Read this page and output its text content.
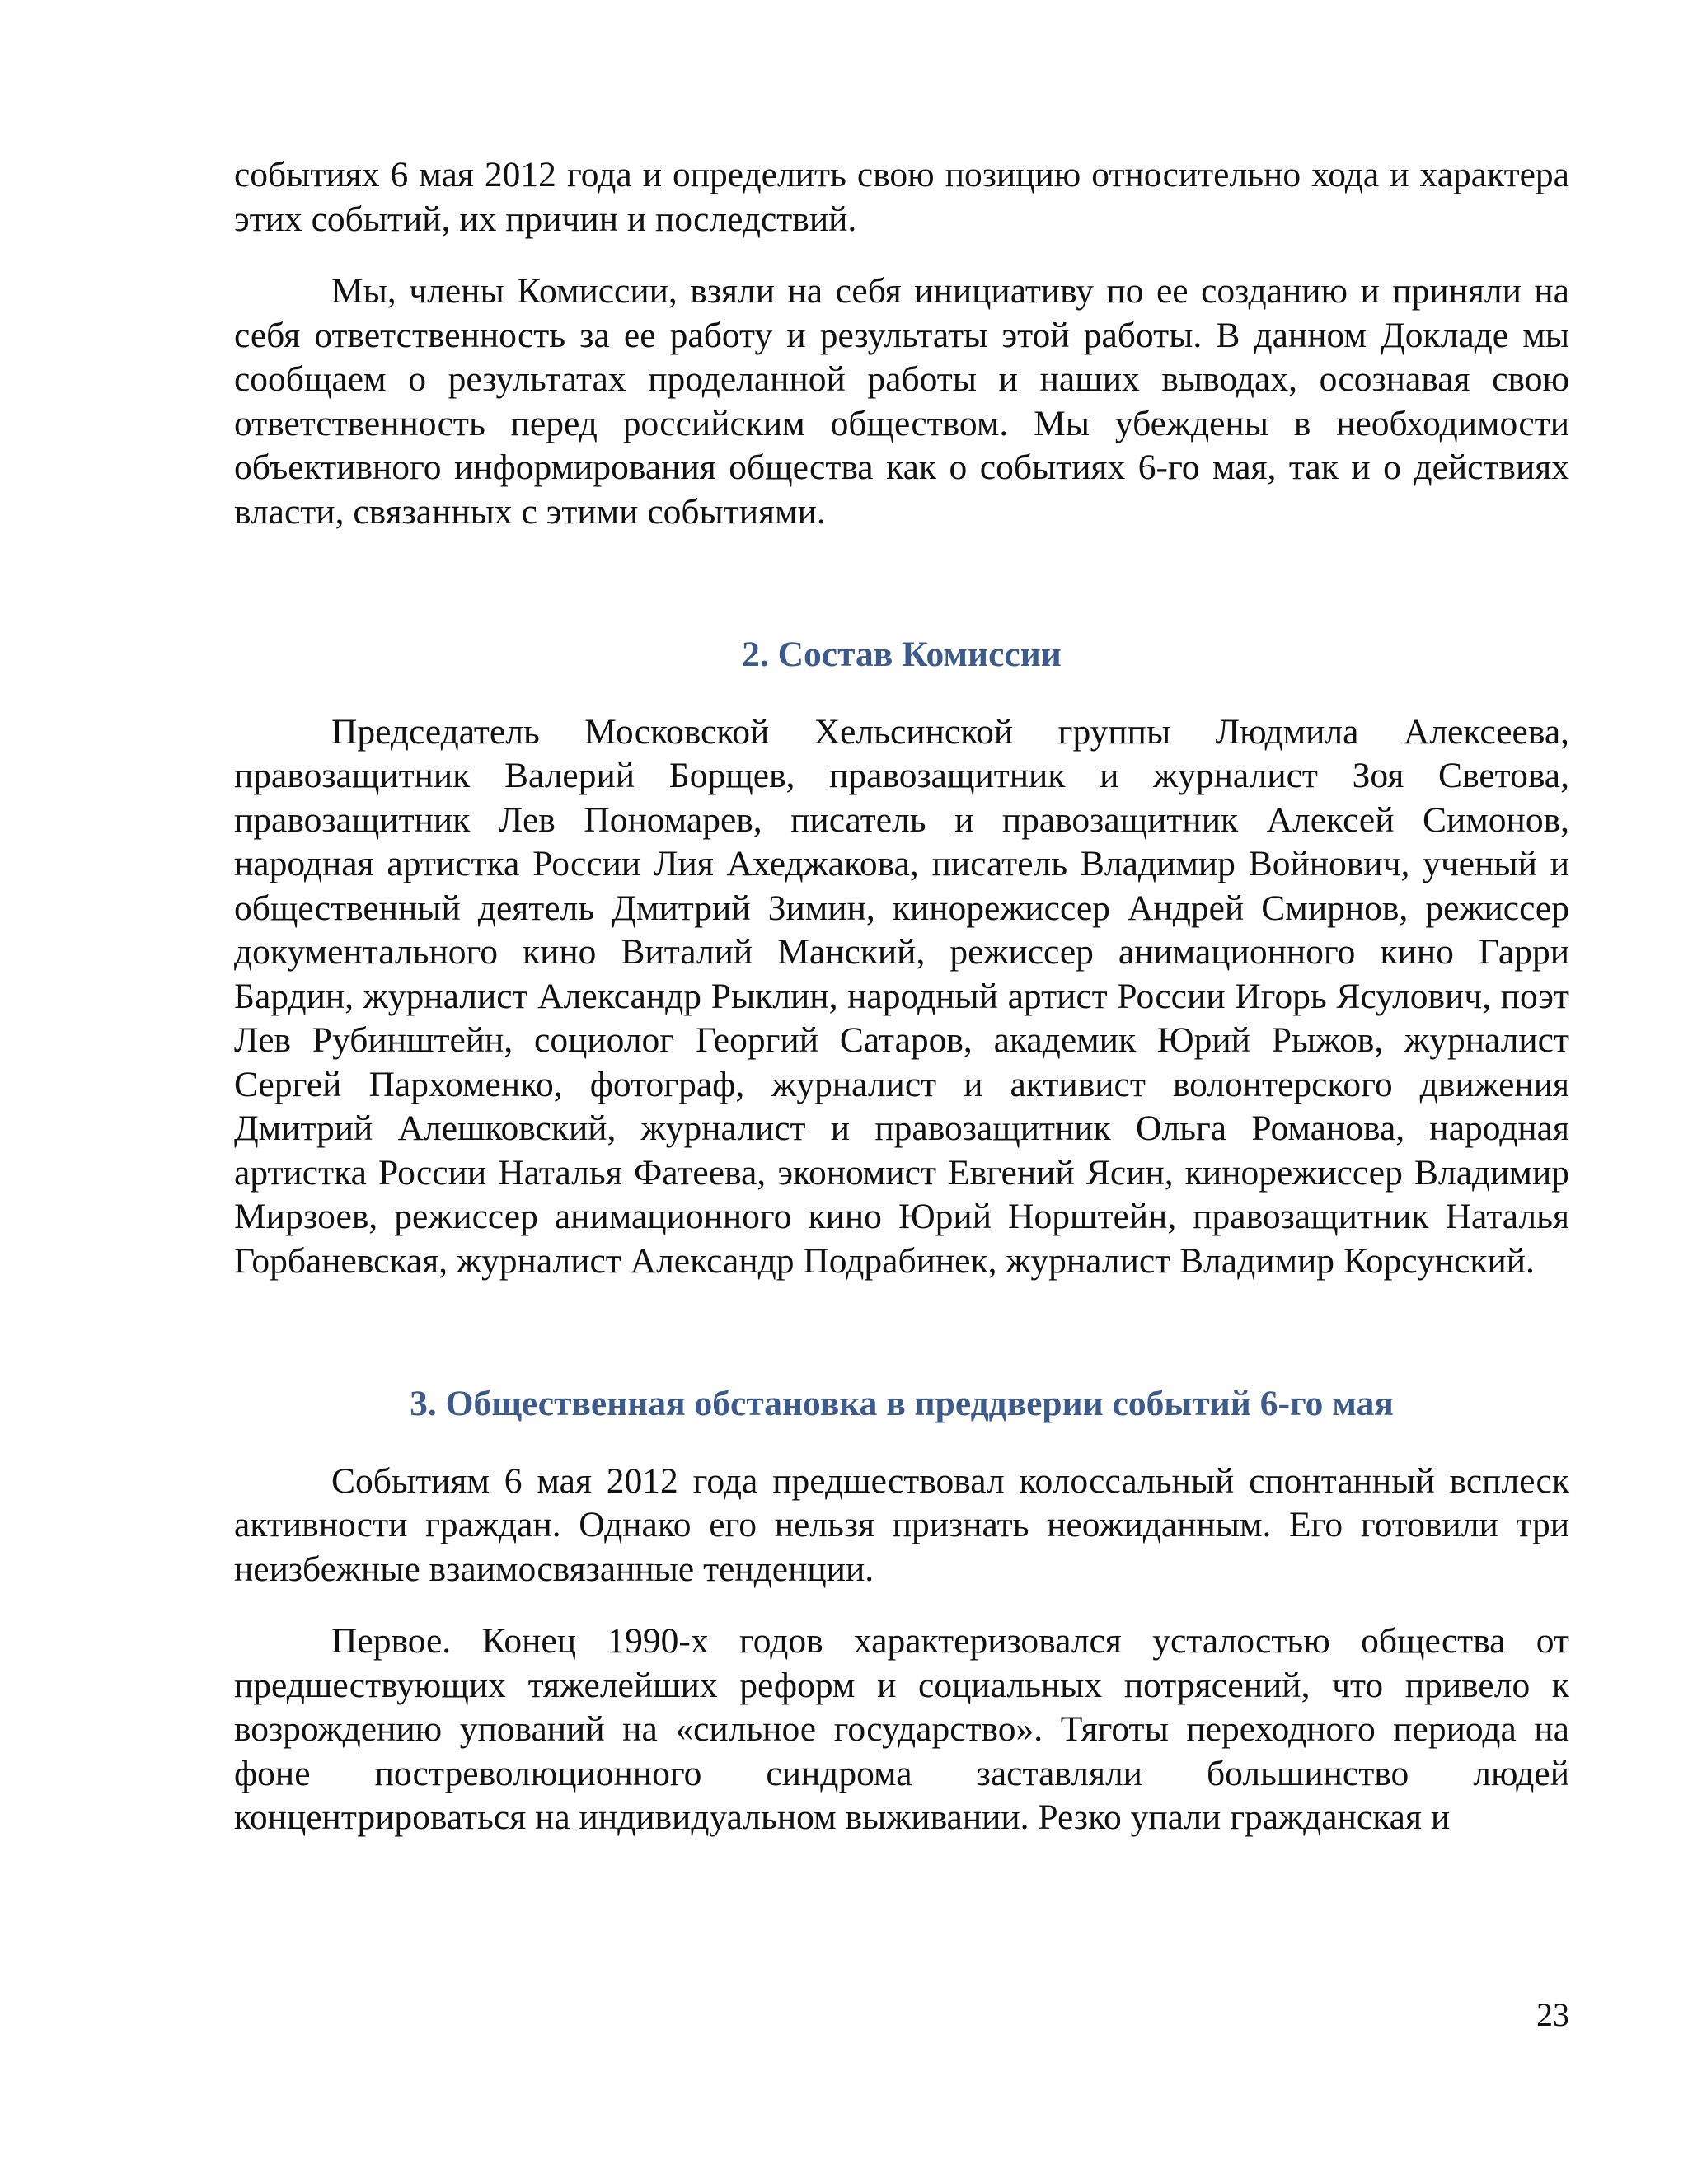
событиях 6 мая 2012 года и определить свою позицию относительно хода и характера этих событий, их причин и последствий.

Мы, члены Комиссии, взяли на себя инициативу по ее созданию и приняли на себя ответственность за ее работу и результаты этой работы. В данном Докладе мы сообщаем о результатах проделанной работы и наших выводах, осознавая свою ответственность перед российским обществом. Мы убеждены в необходимости объективного информирования общества как о событиях 6-го мая, так и о действиях власти, связанных с этими событиями.

2. Состав Комиссии

Председатель Московской Хельсинской группы Людмила Алексеева, правозащитник Валерий Борщев, правозащитник и журналист Зоя Светова, правозащитник Лев Пономарев, писатель и правозащитник Алексей Симонов, народная артистка России Лия Ахеджакова, писатель Владимир Войнович, ученый и общественный деятель Дмитрий Зимин, кинорежиссер Андрей Смирнов, режиссер документального кино Виталий Манский, режиссер анимационного кино Гарри Бардин, журналист Александр Рыклин, народный артист России Игорь Ясулович, поэт Лев Рубинштейн, социолог Георгий Сатаров, академик Юрий Рыжов, журналист Сергей Пархоменко, фотограф, журналист и активист волонтерского движения Дмитрий Алешковский, журналист и правозащитник Ольга Романова, народная артистка России Наталья Фатеева, экономист Евгений Ясин, кинорежиссер Владимир Мирзоев, режиссер анимационного кино Юрий Норштейн, правозащитник Наталья Горбаневская, журналист Александр Подрабинек, журналист Владимир Корсунский.

3. Общественная обстановка в преддверии событий 6-го мая

Событиям 6 мая 2012 года предшествовал колоссальный спонтанный всплеск активности граждан. Однако его нельзя признать неожиданным. Его готовили три неизбежные взаимосвязанные тенденции.

Первое. Конец 1990-х годов характеризовался усталостью общества от предшествующих тяжелейших реформ и социальных потрясений, что привело к возрождению упований на «сильное государство». Тяготы переходного периода на фоне постреволюционного синдрома заставляли большинство людей концентрироваться на индивидуальном выживании. Резко упали гражданская и

23
